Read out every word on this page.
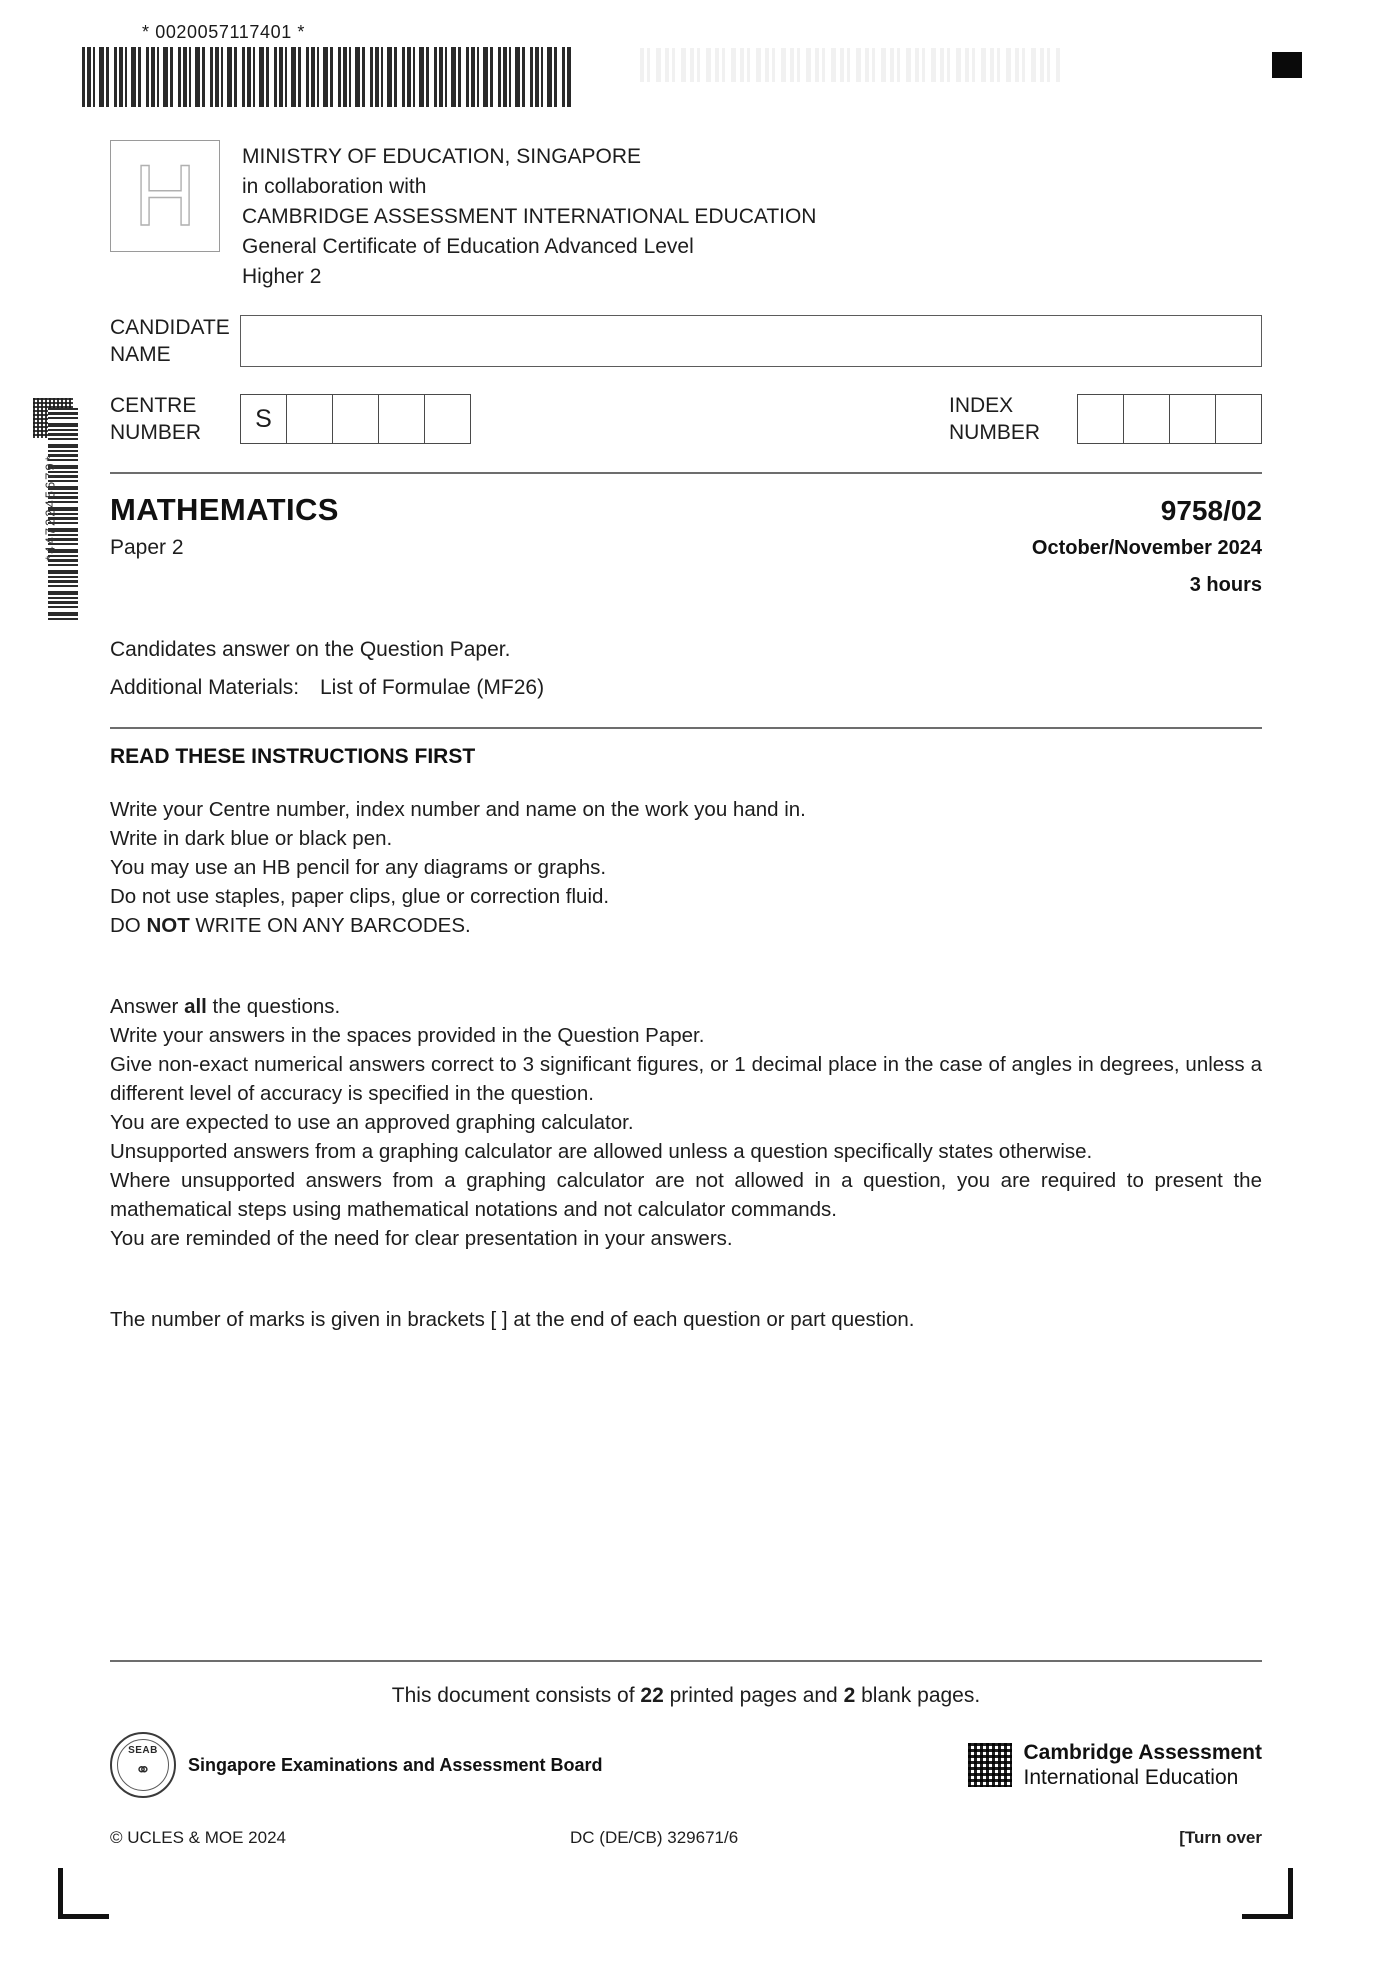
* 0020057117401 *
*4472245679*
H MINISTRY OF EDUCATION, SINGAPORE
in collaboration with
CAMBRIDGE ASSESSMENT INTERNATIONAL EDUCATION
General Certificate of Education Advanced Level
Higher 2
CANDIDATE
NAME
CENTRE
NUMBER	S	INDEX
NUMBER
MATHEMATICS	9758/02
Paper 2	October/November 2024
3 hours
Candidates answer on the Question Paper.
Additional Materials: List of Formulae (MF26)
READ THESE INSTRUCTIONS FIRST

Write your Centre number, index number and name on the work you hand in.

Write in dark blue or black pen.

You may use an HB pencil for any diagrams or graphs.

Do not use staples, paper clips, glue or correction fluid.

DO NOT WRITE ON ANY BARCODES.

Answer all the questions.

Write your answers in the spaces provided in the Question Paper.

Give non-exact numerical answers correct to 3 significant figures, or 1 decimal place in the case of angles in degrees, unless a different level of accuracy is specified in the question.

You are expected to use an approved graphing calculator.

Unsupported answers from a graphing calculator are allowed unless a question specifically states otherwise.

Where unsupported answers from a graphing calculator are not allowed in a question, you are required to present the mathematical steps using mathematical notations and not calculator commands.

You are reminded of the need for clear presentation in your answers.

The number of marks is given in brackets [ ] at the end of each question or part question.

This document consists of 22 printed pages and 2 blank pages.
SEAB
⚭	Singapore Examinations and Assessment Board
Cambridge Assessment
International Education
© UCLES & MOE 2024	DC (DE/CB) 329671/6	[Turn over
